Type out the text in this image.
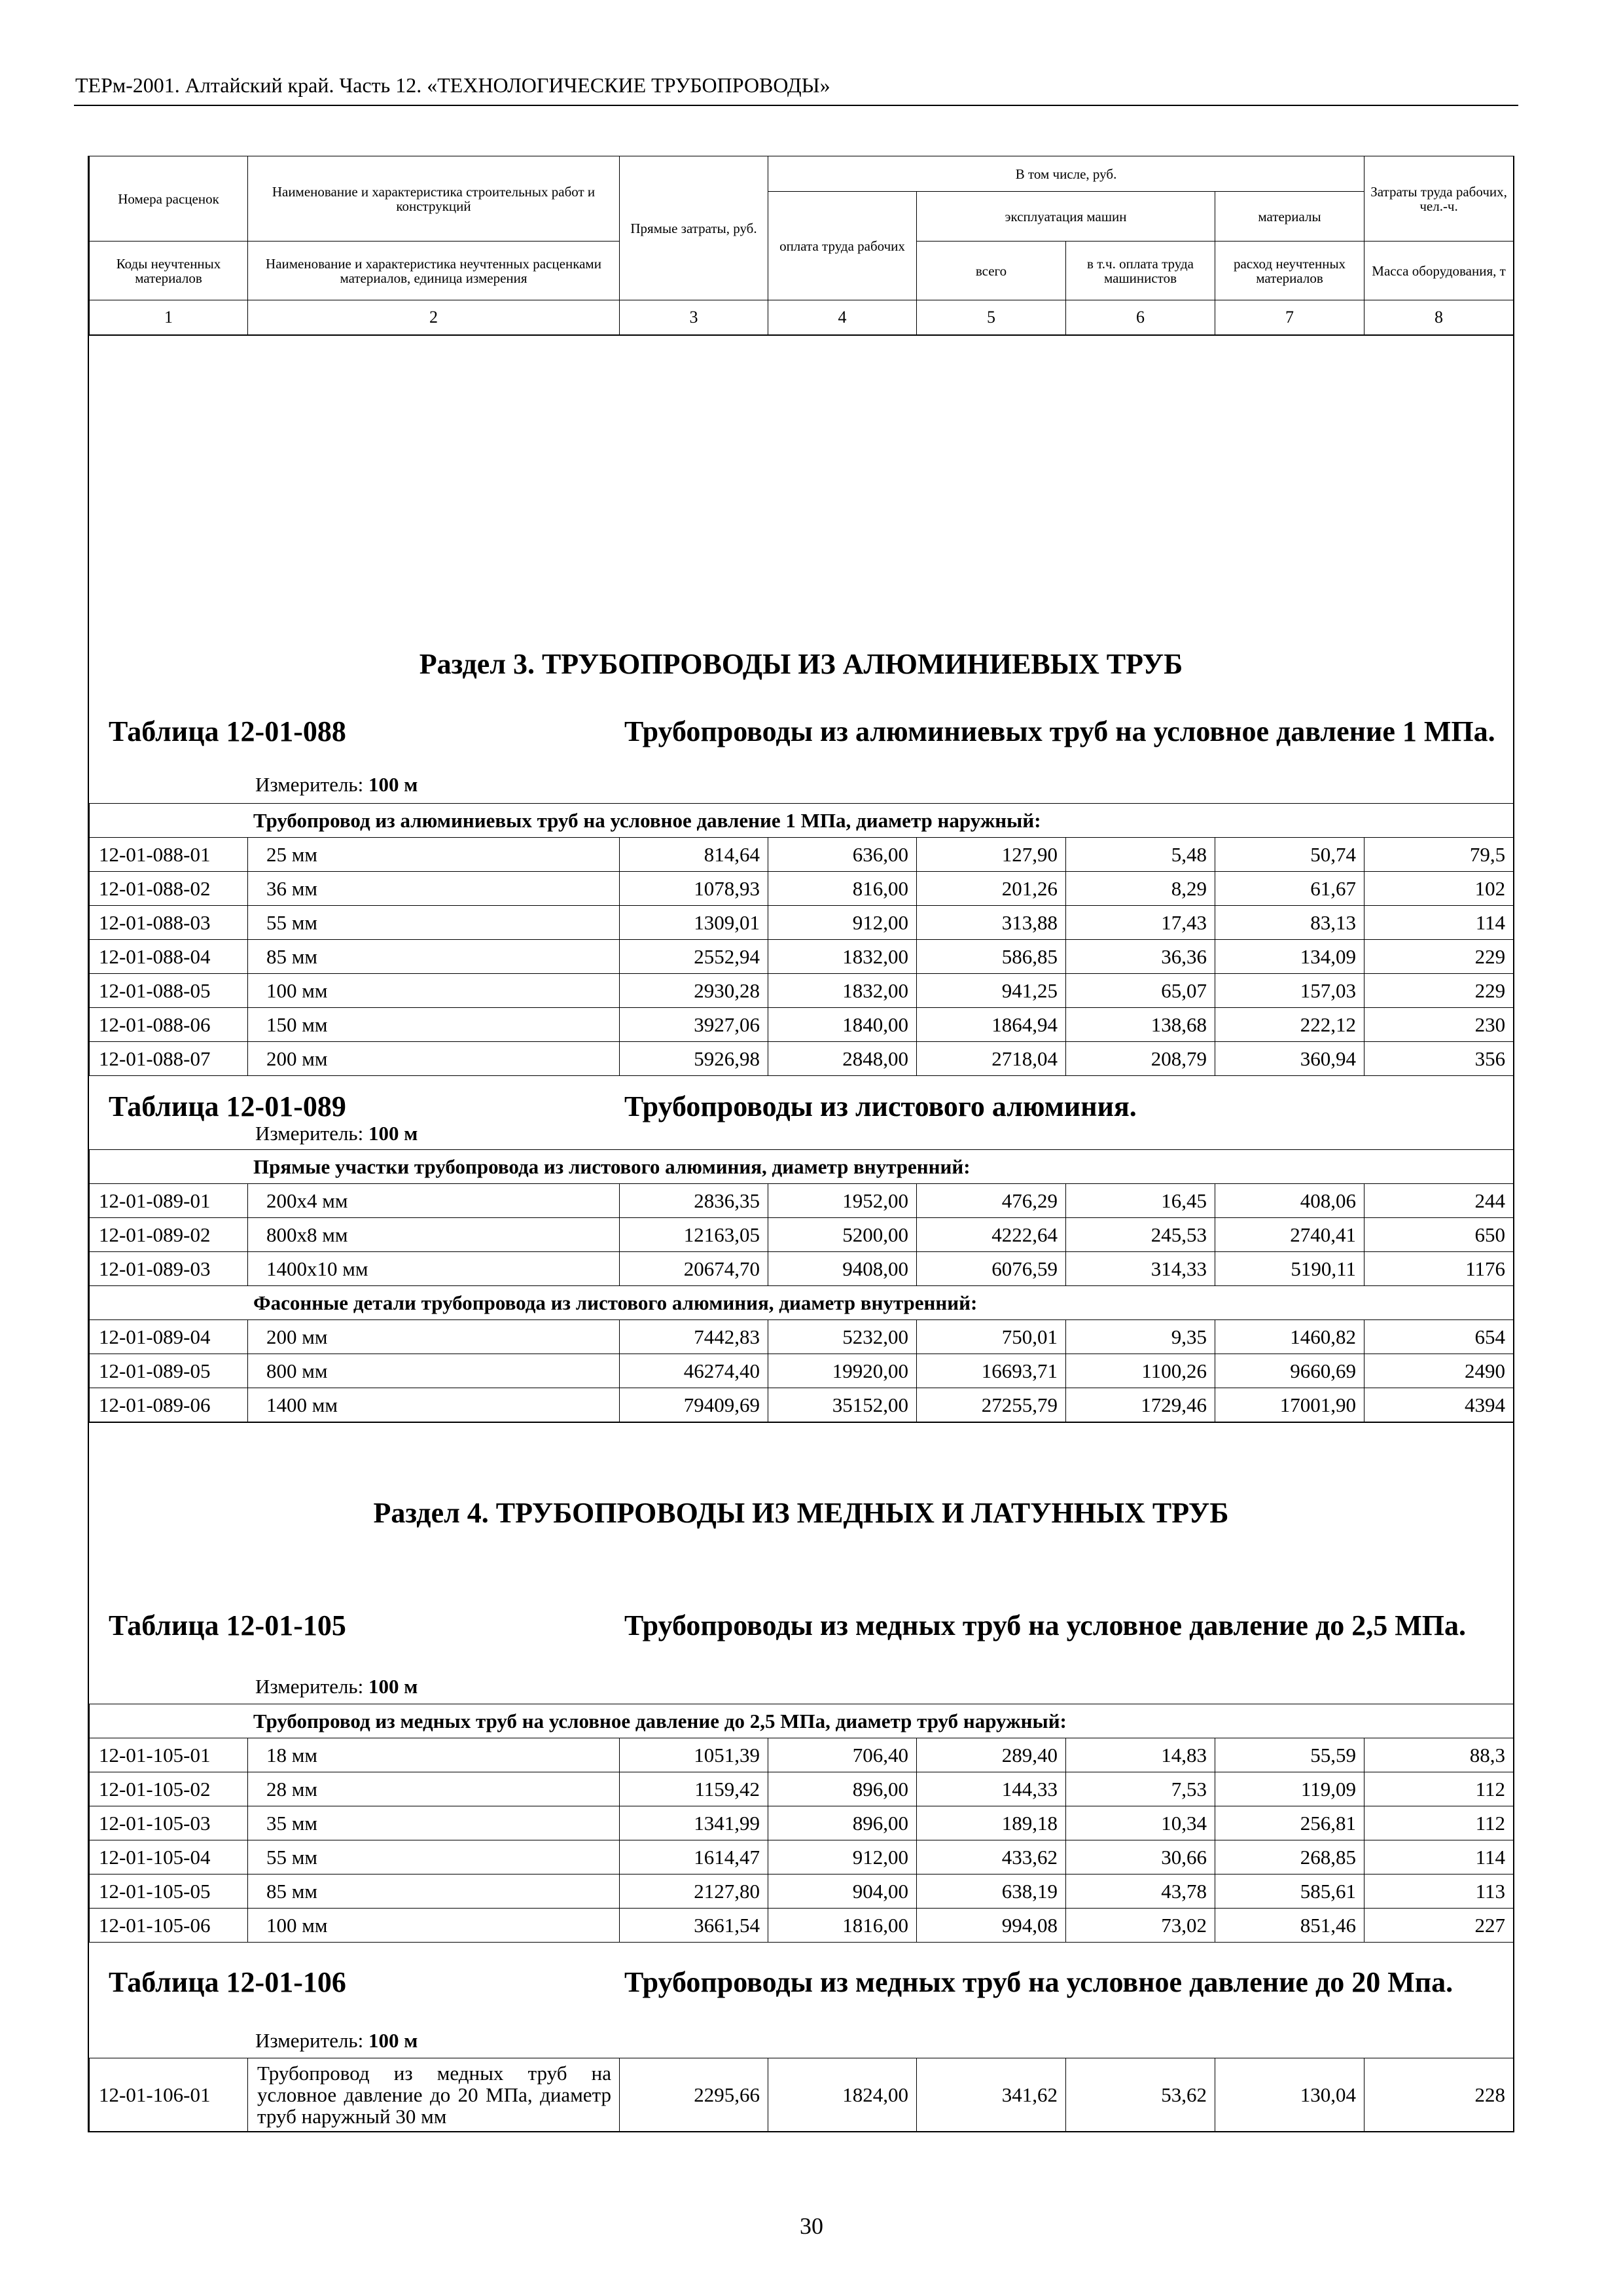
ТЕРм-2001. Алтайский край. Часть 12. «ТЕХНОЛОГИЧЕСКИЕ ТРУБОПРОВОДЫ»
Номера расценок	Наименование и характеристика строительных работ и конструкций	Прямые затраты, руб.	В том числе, руб.				Затраты труда рабочих, чел.-ч.
			оплата труда рабочих	эксплуатация машин		материалы	
Коды неучтенных материалов	Наименование и характеристика неучтенных расценками материалов, единица измерения			всего	в т.ч. оплата труда машинистов	расход неучтенных материалов	Масса оборудования, т
1	2	3	4	5	6	7	8
Раздел 3. ТРУБОПРОВОДЫ ИЗ АЛЮМИНИЕВЫХ ТРУБ
Таблица 12-01-088	Трубопроводы из алюминиевых труб на условное давление 1 МПа.
Измеритель: 100 м
Трубопровод из алюминиевых труб на условное давление 1 МПа, диаметр наружный:							
12-01-088-01	25 мм	814,64	636,00	127,90	5,48	50,74	79,5
12-01-088-02	36 мм	1078,93	816,00	201,26	8,29	61,67	102
12-01-088-03	55 мм	1309,01	912,00	313,88	17,43	83,13	114
12-01-088-04	85 мм	2552,94	1832,00	586,85	36,36	134,09	229
12-01-088-05	100 мм	2930,28	1832,00	941,25	65,07	157,03	229
12-01-088-06	150 мм	3927,06	1840,00	1864,94	138,68	222,12	230
12-01-088-07	200 мм	5926,98	2848,00	2718,04	208,79	360,94	356
Таблица 12-01-089	Трубопроводы из листового алюминия.
Измеритель: 100 м
Прямые участки трубопровода из листового алюминия, диаметр внутренний:							
12-01-089-01	200х4 мм	2836,35	1952,00	476,29	16,45	408,06	244
12-01-089-02	800х8 мм	12163,05	5200,00	4222,64	245,53	2740,41	650
12-01-089-03	1400х10 мм	20674,70	9408,00	6076,59	314,33	5190,11	1176
Фасонные детали трубопровода из листового алюминия, диаметр внутренний:							
12-01-089-04	200 мм	7442,83	5232,00	750,01	9,35	1460,82	654
12-01-089-05	800 мм	46274,40	19920,00	16693,71	1100,26	9660,69	2490
12-01-089-06	1400 мм	79409,69	35152,00	27255,79	1729,46	17001,90	4394
Раздел 4. ТРУБОПРОВОДЫ ИЗ МЕДНЫХ И ЛАТУННЫХ ТРУБ
Таблица 12-01-105	Трубопроводы из медных труб на условное давление до 2,5 МПа.
Измеритель: 100 м
Трубопровод из медных труб на условное давление до 2,5 МПа, диаметр труб наружный:							
12-01-105-01	18 мм	1051,39	706,40	289,40	14,83	55,59	88,3
12-01-105-02	28 мм	1159,42	896,00	144,33	7,53	119,09	112
12-01-105-03	35 мм	1341,99	896,00	189,18	10,34	256,81	112
12-01-105-04	55 мм	1614,47	912,00	433,62	30,66	268,85	114
12-01-105-05	85 мм	2127,80	904,00	638,19	43,78	585,61	113
12-01-105-06	100 мм	3661,54	1816,00	994,08	73,02	851,46	227
Таблица 12-01-106	Трубопроводы из медных труб на условное давление до 20 Мпа.
Измеритель: 100 м
12-01-106-01	Трубопровод из медных труб на условное давление до 20 МПа, диаметр труб наружный 30 мм	2295,66	1824,00	341,62	53,62	130,04	228
30
